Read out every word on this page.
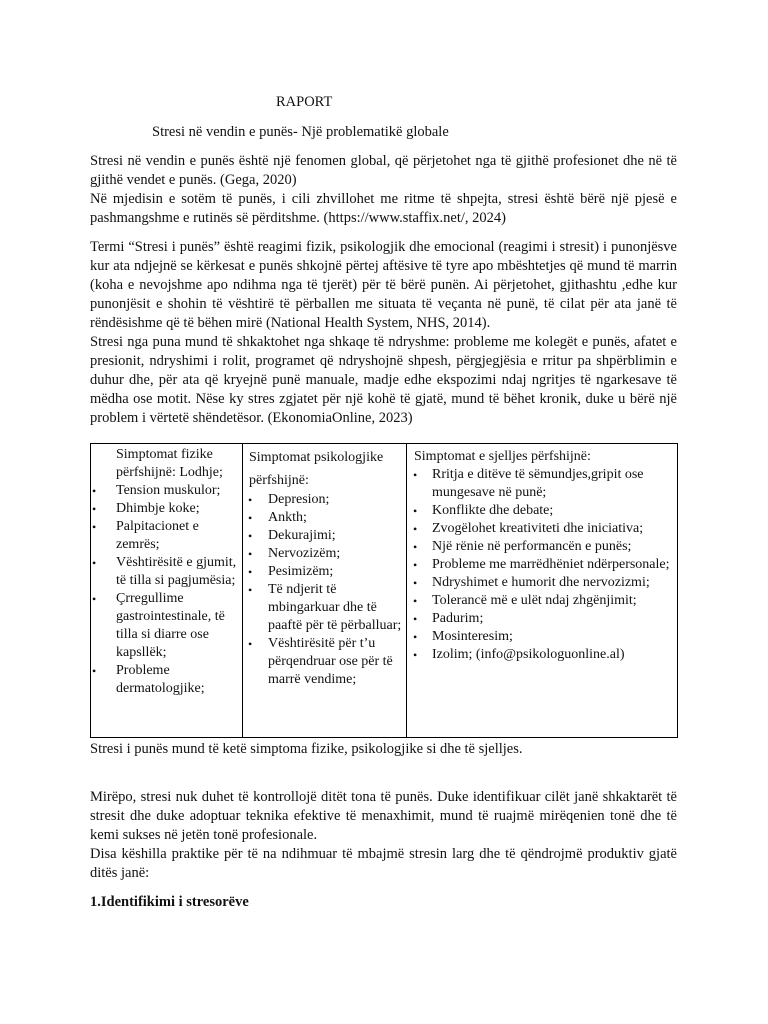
RAPORT
Stresi në vendin e punës- Një problematikë globale
Stresi në vendin e punës është një fenomen global, që përjetohet nga të gjithë profesionet dhe në të gjithë vendet e punës. (Gega, 2020)
Në mjedisin e sotëm të punës, i cili zhvillohet me ritme të shpejta, stresi është bërë një pjesë e pashmangshme e rutinës së përditshme. (https://www.staffix.net/, 2024)
Termi “Stresi i punës” është reagimi fizik, psikologjik dhe emocional (reagimi i stresit) i punonjësve kur ata ndjejnë se kërkesat e punës shkojnë përtej aftësive të tyre apo mbështetjes që mund të marrin (koha e nevojshme apo ndihma nga të tjerët) për të bërë punën. Ai përjetohet, gjithashtu ,edhe kur punonjësit e shohin të vështirë të përballen me situata të veçanta në punë, të cilat për ata janë të rëndësishme që të bëhen mirë (National Health System, NHS, 2014).
Stresi nga puna mund të shkaktohet nga shkaqe të ndryshme: probleme me kolegët e punës, afatet e presionit, ndryshimi i rolit, programet që ndryshojnë shpesh, përgjegjësia e rritur pa shpërblimin e duhur dhe, për ata që kryejnë punë manuale, madje edhe ekspozimi ndaj ngritjes të ngarkesave të mëdha ose motit. Nëse ky stres zgjatet për një kohë të gjatë, mund të bëhet kronik, duke u bërë një problem i vërtetë shëndetësor. (EkonomiaOnline, 2023)
Simptomat fizike përfshijnë: Lodhje;
• Tension muskulor;
• Dhimbje koke;
• Palpitacionet e zemrës;
• Vështirësitë e gjumit, të tilla si pagjumësia;
• Çrregullime gastrointestinale, të tilla si diarre ose kapsllëk;
• Probleme dermatologjike;
Simptomat psikologjike
përfshijnë:
• Depresion;
• Ankth;
• Dekurajimi;
• Nervozizëm;
• Pesimizëm;
• Të ndjerit të mbingarkuar dhe të paaftë për të përballuar;
• Vështirësitë për t’u përqendruar ose për të marrë vendime;
Simptomat e sjelljes përfshijnë:
• Rritja e ditëve të sëmundjes,gripit ose mungesave në punë;
• Konflikte dhe debate;
• Zvogëlohet kreativiteti dhe iniciativa;
• Një rënie në performancën e punës;
• Probleme me marrëdhëniet ndërpersonale;
• Ndryshimet e humorit dhe nervozizmi;
• Tolerancë më e ulët ndaj zhgënjimit;
• Padurim;
• Mosinteresim;
• Izolim; (info@psikologuonline.al)
Stresi i punës mund të ketë simptoma fizike, psikologjike si dhe të sjelljes.
Mirëpo, stresi nuk duhet të kontrollojë ditët tona të punës. Duke identifikuar cilët janë shkaktarët të stresit dhe duke adoptuar teknika efektive të menaxhimit, mund të ruajmë mirëqenien tonë dhe të kemi sukses në jetën tonë profesionale.
Disa këshilla praktike për të na ndihmuar të mbajmë stresin larg dhe të qëndrojmë produktiv gjatë ditës janë:
1.Identifikimi i stresorëve
